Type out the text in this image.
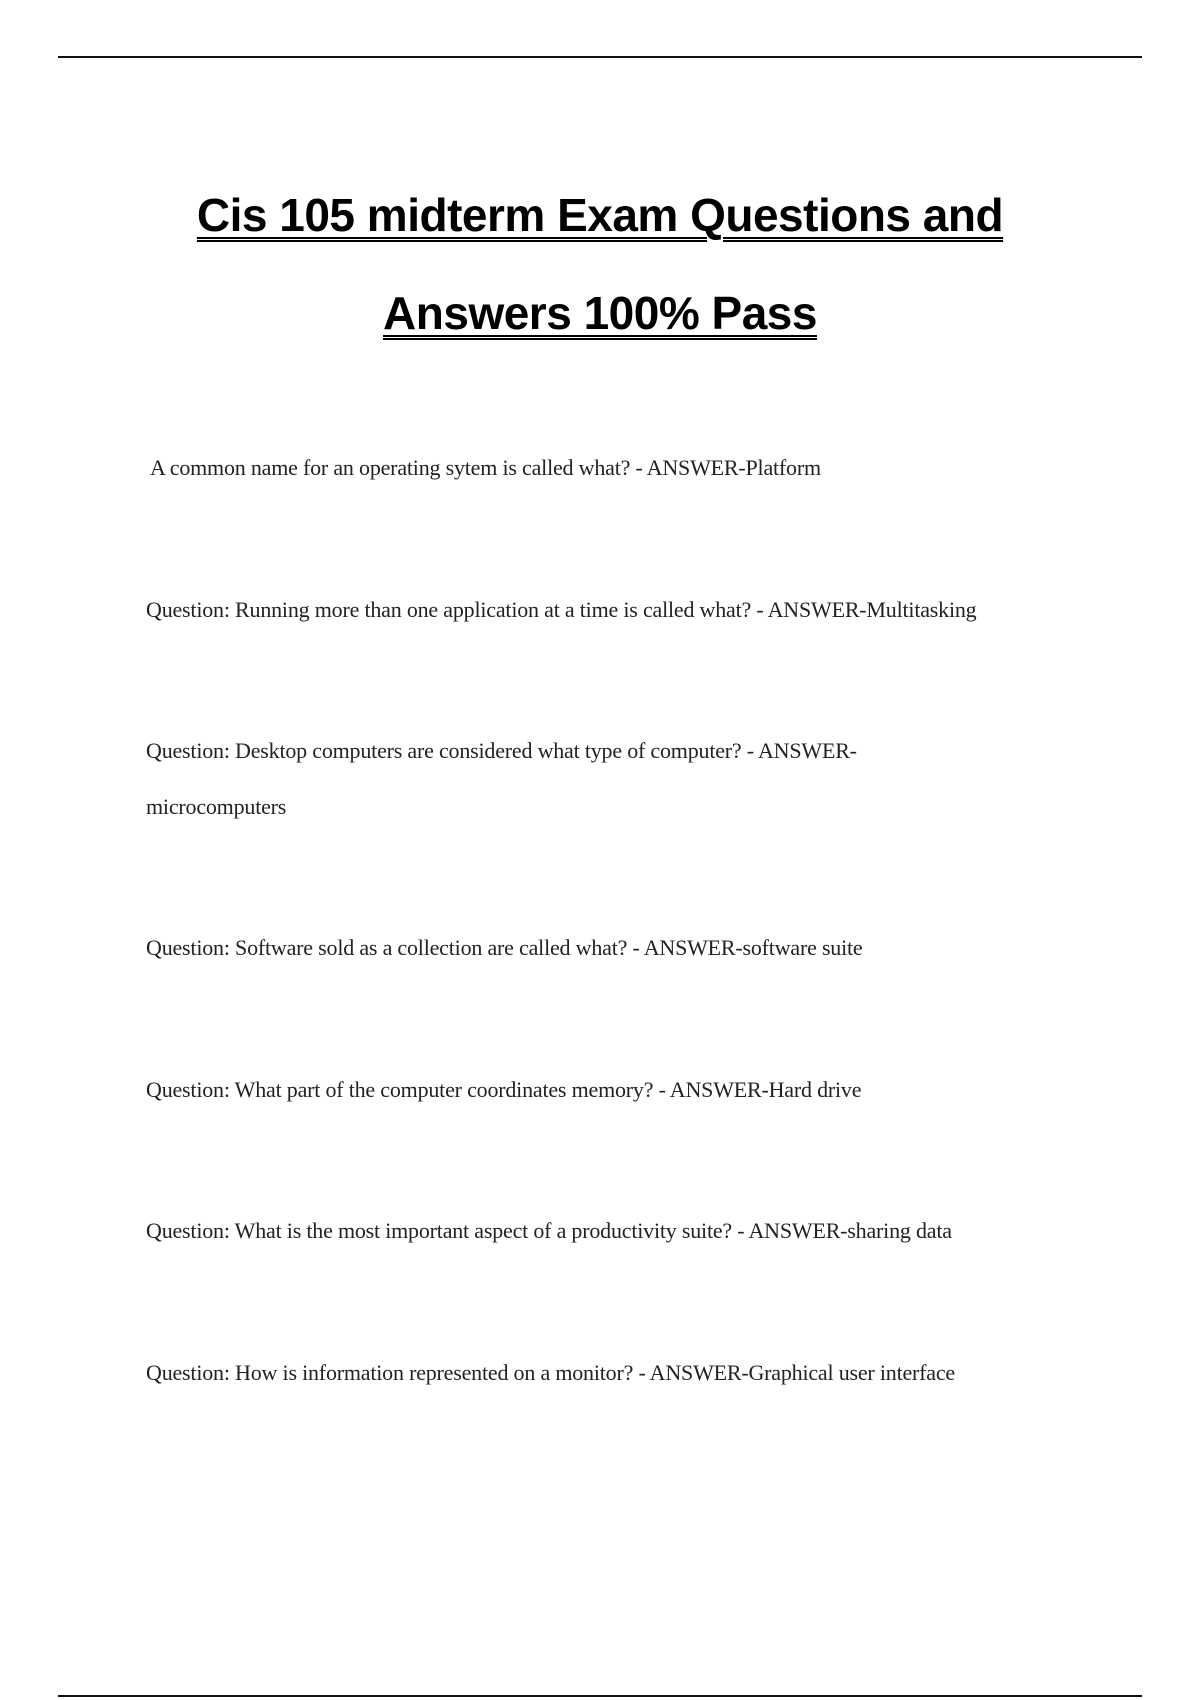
Cis 105 midterm Exam Questions and
Answers 100% Pass

A common name for an operating sytem is called what? - ANSWER-Platform

Question: Running more than one application at a time is called what? - ANSWER-Multitasking

Question: Desktop computers are considered what type of computer? - ANSWER-microcomputers

Question: Software sold as a collection are called what? - ANSWER-software suite

Question: What part of the computer coordinates memory? - ANSWER-Hard drive

Question: What is the most important aspect of a productivity suite? - ANSWER-sharing data

Question: How is information represented on a monitor? - ANSWER-Graphical user interface
